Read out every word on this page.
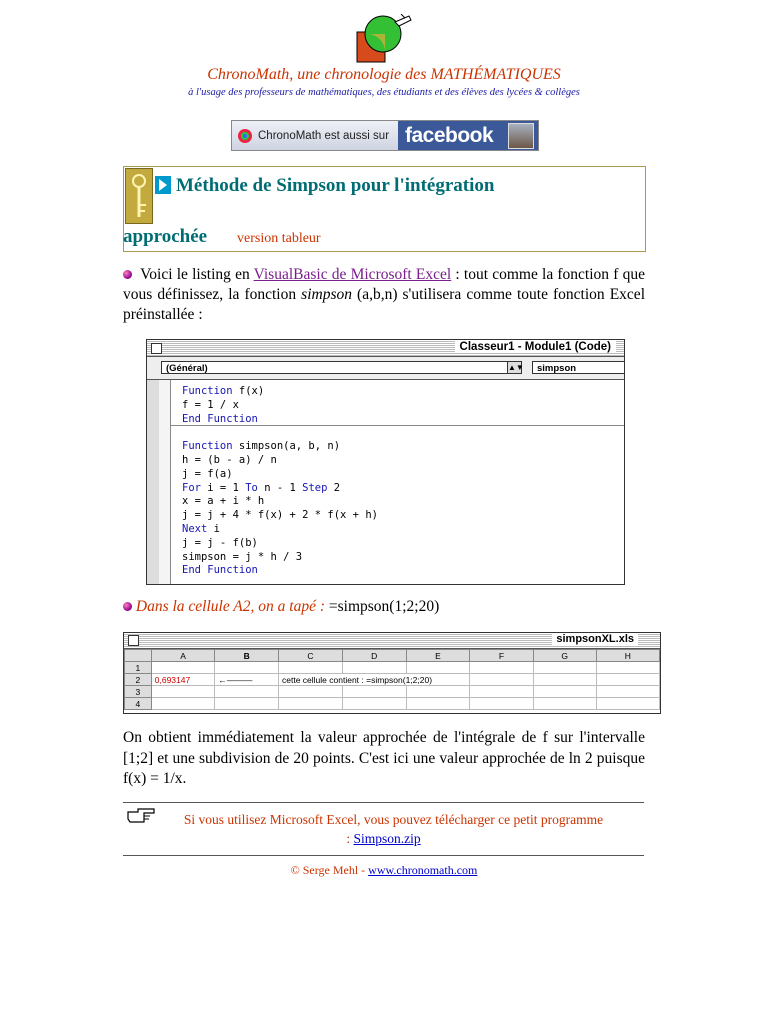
ChronoMath, une chronologie des MATHÉMATIQUES
à l'usage des professeurs de mathématiques, des étudiants et des élèves des lycées & collèges
ChronoMath est aussi sur facebook
Méthode de Simpson pour l'intégration
approchée version tableur
Voici le listing en VisualBasic de Microsoft Excel : tout comme la fonction f que vous définissez, la fonction simpson (a,b,n) s'utilisera comme toute fonction Excel préinstallée :
Classeur1 - Module1 (Code)
(Général)	▲▼	simpson
Function f(x)
f = 1 / x
End Function

Function simpson(a, b, n)
h = (b - a) / n
j = f(a)
For i = 1 To n - 1 Step 2
x = a + i * h
j = j + 4 * f(x) + 2 * f(x + h)
Next i
j = j - f(b)
simpson = j * h / 3
End Function
Dans la cellule A2, on a tapé : =simpson(1;2;20)
simpsonXL.xls
	A	B	C	D	E	F	G	H
1								
2	0,693147	←———	cette cellule contient : =simpson(1;2;20)					
3								
4								
On obtient immédiatement la valeur approchée de l'intégrale de f sur l'intervalle [1;2] et une subdivision de 20 points. C'est ici une valeur approchée de ln 2 puisque f(x) = 1/x.
Si vous utilisez Microsoft Excel, vous pouvez télécharger ce petit programme
: Simpson.zip
© Serge Mehl - www.chronomath.com
